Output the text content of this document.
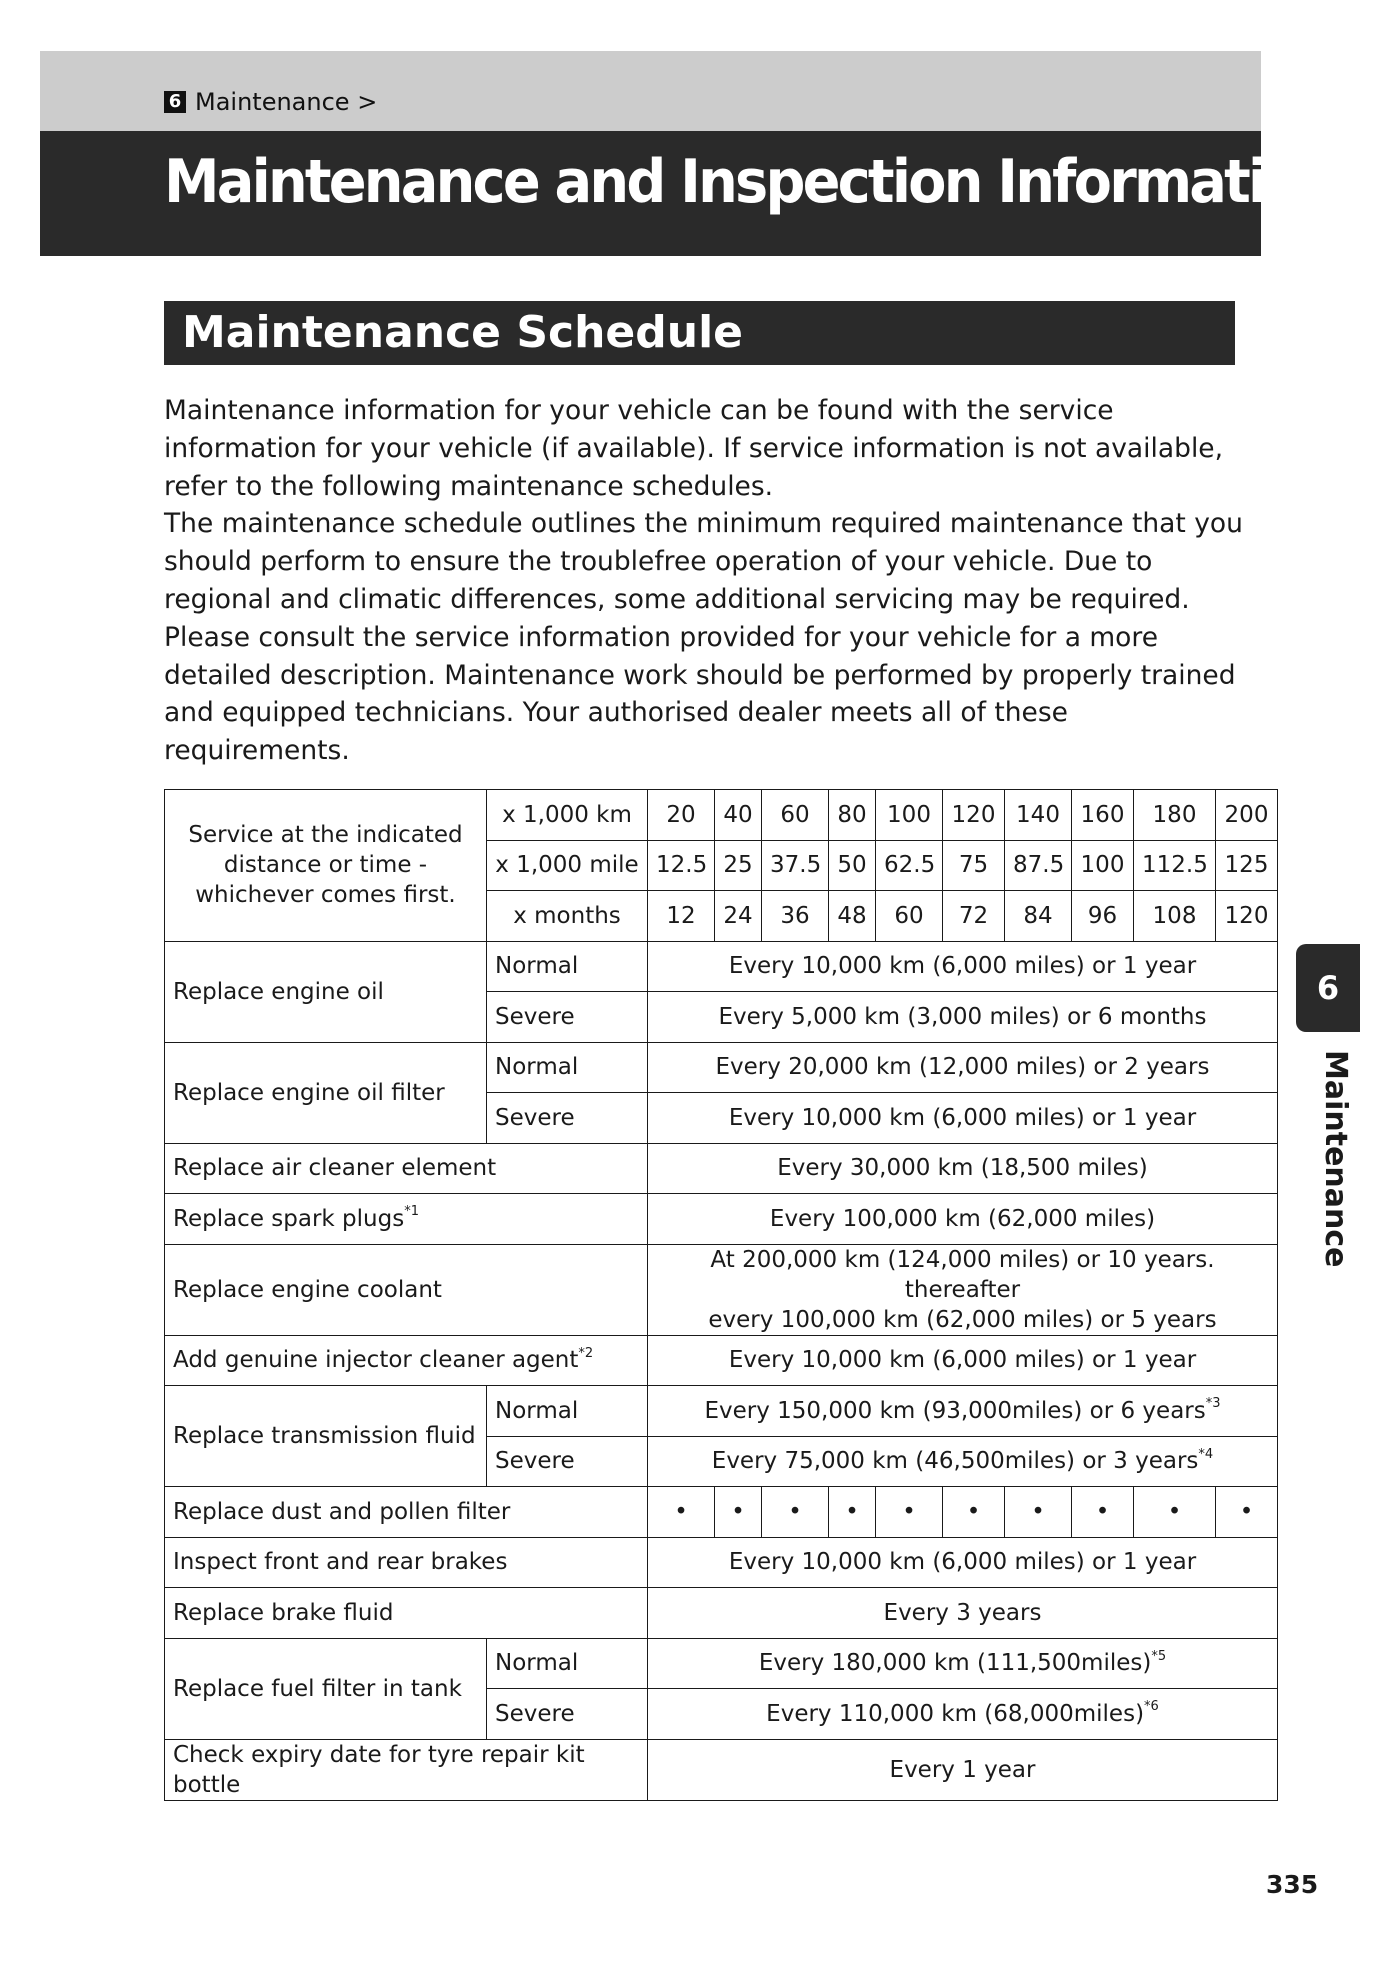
6 Maintenance >
Maintenance and Inspection Information
Maintenance Schedule

Maintenance information for your vehicle can be found with the service information for your vehicle (if available). If service information is not available, refer to the following maintenance schedules.

The maintenance schedule outlines the minimum required maintenance that you should perform to ensure the troublefree operation of your vehicle. Due to regional and climatic differences, some additional servicing may be required. Please consult the service information provided for your vehicle for a more detailed description. Maintenance work should be performed by properly trained and equipped technicians. Your authorised dealer meets all of these requirements.

Service at the indicated distance or time - whichever comes first.	x 1,000 km	20	40	60	80	100	120	140	160	180	200
	x 1,000 mile	12.5	25	37.5	50	62.5	75	87.5	100	112.5	125
	x months	12	24	36	48	60	72	84	96	108	120
Replace engine oil	Normal	Every 10,000 km (6,000 miles) or 1 year									
	Severe	Every 5,000 km (3,000 miles) or 6 months									
Replace engine oil filter	Normal	Every 20,000 km (12,000 miles) or 2 years									
	Severe	Every 10,000 km (6,000 miles) or 1 year									
Replace air cleaner element		Every 30,000 km (18,500 miles)									
Replace spark plugs$^{*1}$		Every 100,000 km (62,000 miles)									
Replace engine coolant		At 200,000 km (124,000 miles) or 10 years. thereafter
every 100,000 km (62,000 miles) or 5 years									

Add genuine injector cleaner agent$^{*2}$		Every 10,000 km (6,000 miles) or 1 year									
Replace transmission fluid	Normal	Every 150,000 km (93,000miles) or 6 years$^{*3}$
	Severe	Every 75,000 km (46,500miles) or 3 years$^{*4}$
Replace dust and pollen filter		•	•	•	•	•	•	•	•	•	•
Inspect front and rear brakes		Every 10,000 km (6,000 miles) or 1 year									
Replace brake fluid		Every 3 years									
Replace fuel filter in tank	Normal	Every 180,000 km (111,500miles)$^{*5}$
	Severe	Every 110,000 km (68,000miles)$^{*6}$
Check expiry date for tyre repair kit bottle		Every 1 year									
6
Maintenance
335
